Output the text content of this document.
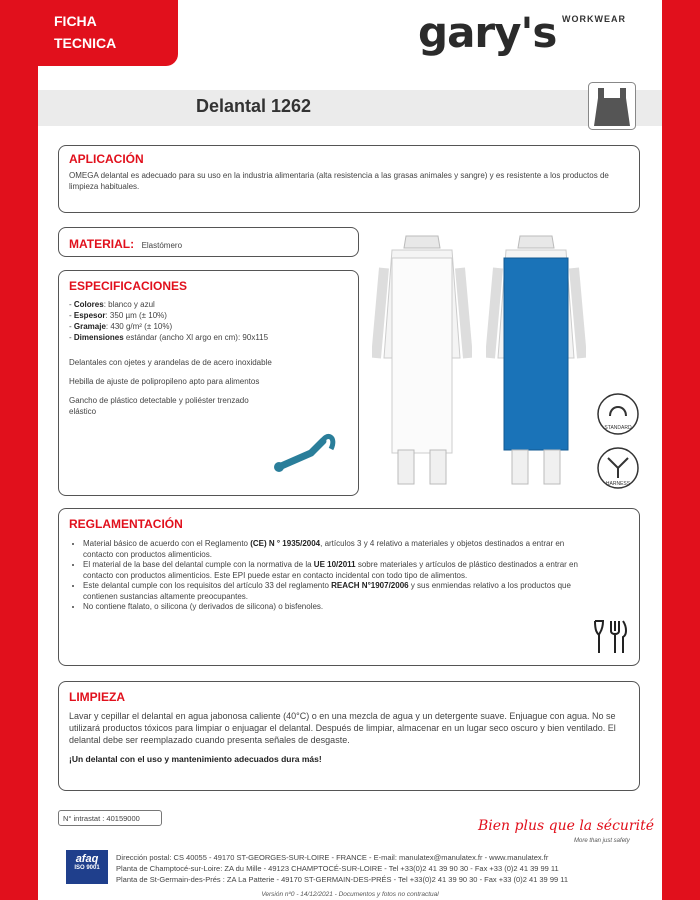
FICHA
TECNICA	gary's WORKWEAR
Delantal 1262

APLICACIÓN

OMEGA delantal es adecuado para su uso en la industria alimentaria (alta resistencia a las grasas animales y sangre) y es resistente a los productos de limpieza habituales.
MATERIAL: Elastómero

ESPECIFICACIONES

- Colores: blanco y azul
- Espesor: 350 µm (± 10%)
- Gramaje: 430 g/m² (± 10%)
- Dimensiones estándar (ancho Xl argo en cm): 90x115
Delantales con ojetes y arandelas de de acero inoxidable
Hebilla de ajuste de polipropileno apto para alimentos
Gancho de plástico detectable y poliéster trenzado elástico
STANDARD
HARNESS

REGLAMENTACIÓN

• Material básico de acuerdo con el Reglamento (CE) N ° 1935/2004, artículos 3 y 4 relativo a materiales y objetos destinados a entrar en contacto con productos alimenticios.
• El material de la base del delantal cumple con la normativa de la UE 10/2011 sobre materiales y artículos de plástico destinados a entrar en contacto con productos alimenticios. Este EPI puede estar en contacto incidental con todo tipo de alimentos.
• Este delantal cumple con los requisitos del artículo 33 del reglamento REACH N°1907/2006 y sus enmiendas relativo a los productos que contienen sustancias altamente preocupantes.
• No contiene ftalato, o silicona (y derivados de silicona) o bisfenoles.

LIMPIEZA

Lavar y cepillar el delantal en agua jabonosa caliente (40°C) o en una mezcla de agua y un detergente suave. Enjuague con agua. No se utilizará productos tóxicos para limpiar o enjuagar el delantal. Después de limpiar, almacenar en un lugar seco oscuro y bien ventilado. El delantal debe ser reemplazado cuando presenta señales de desgaste.
¡Un delantal con el uso y mantenimiento adecuados dura más!
N° intrastat : 40159000	Bien plus que la sécurité
More than just safety
afaq
ISO 9001
Dirección postal: CS 40055 - 49170 ST-GEORGES-SUR-LOIRE - FRANCE - E-mail: manulatex@manulatex.fr - www.manulatex.fr
Planta de Champtocé-sur-Loire: ZA du Mille - 49123 CHAMPTOCÉ-SUR-LOIRE - Tel +33(0)2 41 39 90 30 - Fax +33 (0)2 41 39 99 11
Planta de St-Germain-des-Prés : ZA La Patterie - 49170 ST-GERMAIN-DES-PRÉS - Tel +33(0)2 41 39 90 30 - Fax +33 (0)2 41 39 99 11
Versión nº0 - 14/12/2021 - Documentos y fotos no contractual
